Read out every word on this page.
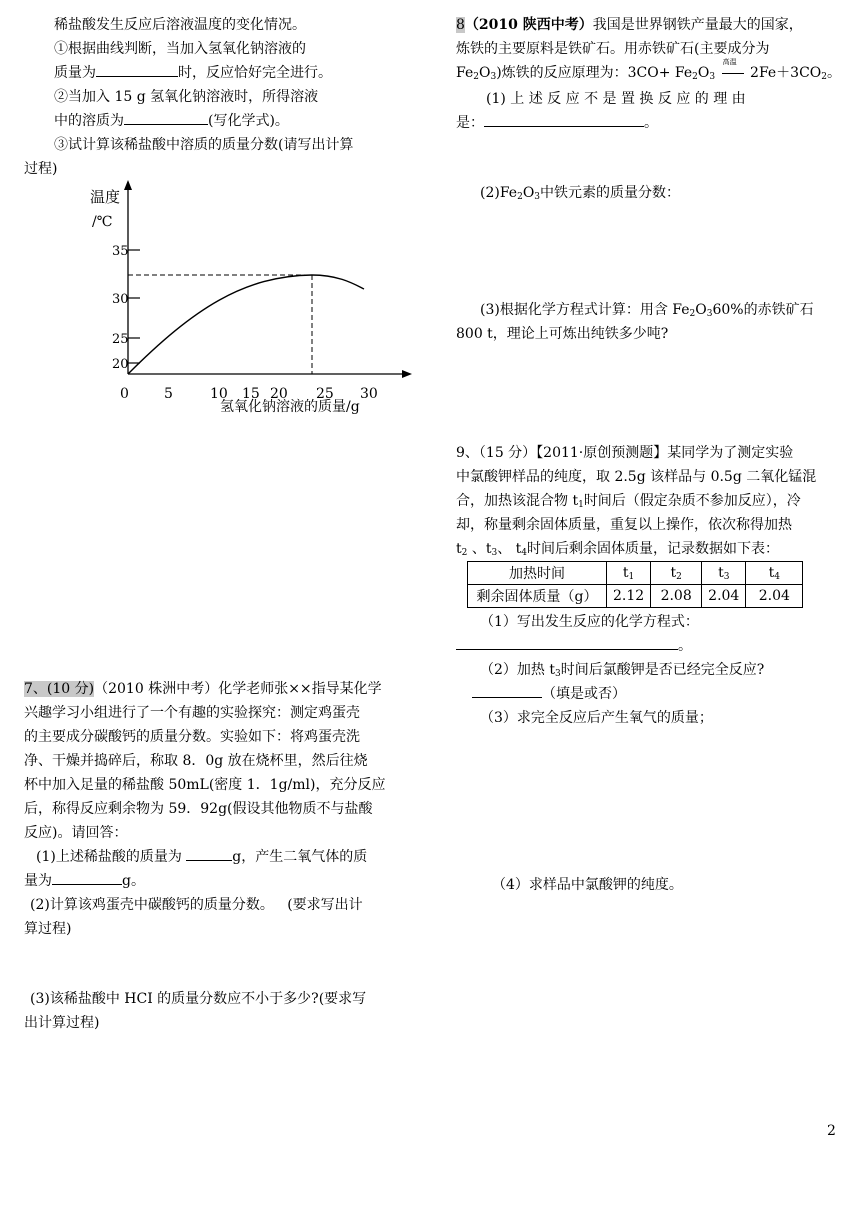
稀盐酸发生反应后溶液温度的变化情况。
①根据曲线判断，当加入氢氧化钠溶液的
质量为	时，反应恰好完全进行。
②当加入 15 g 氢氧化钠溶液时，所得溶液
中的溶质为	(写化学式)。
③试计算该稀盐酸中溶质的质量分数(请写出计算
过程)
温度
/℃
20
25
30
35
5	10 15 20 25 30
0
氢氧化钠溶液的质量/g
7、(10 分)（2010 株洲中考）化学老师张××指导某化学
兴趣学习小组进行了一个有趣的实验探究：测定鸡蛋壳
的主要成分碳酸钙的质量分数。实验如下：将鸡蛋壳洗
净、干燥并捣碎后，称取 8．0g 放在烧杯里，然后往烧
杯中加入足量的稀盐酸 50mL(密度 1．1g/ml)，充分反应
后，称得反应剩余物为 59．92g(假设其他物质不与盐酸
反应)。请回答：
(1)上述稀盐酸的质量为	g，产生二氧气体的质
量为	g。
(2)计算该鸡蛋壳中碳酸钙的质量分数。 (要求写出计
算过程)
(3)该稀盐酸中 HCI 的质量分数应不小于多少?(要求写
出计算过程)
8（2010 陕西中考）我国是世界钢铁产量最大的国家，
炼铁的主要原料是铁矿石。用赤铁矿石(主要成分为
$Fe_2O_3$)炼铁的反应原理为：$3CO+ Fe_2O_3$
高温
$2Fe+3CO_2$。
(1) 上 述 反 应 不 是 置 换 反 应 的 理 由
是：	。
$(2)Fe_2O_3$中铁元素的质量分数：
(3)根据化学方程式计算：用含 $Fe_2O_360\%$的赤铁矿石
800 t，理论上可炼出纯铁多少吨?
9、（15 分）【2011·原创预测题】某同学为了测定实验
中氯酸钾样品的纯度，取 2.5g 该样品与 0.5g 二氧化锰混
合，加热该混合物 $t_1$时间后（假定杂质不参加反应），冷
却，称量剩余固体质量，重复以上操作，依次称得加热
$t_2$ 、$t_3$、 $t_4$时间后剩余固体质量，记录数据如下表：
加热时间	$t_1$	$t_2$	$t_3$	$t_4$
剩余固体质量（g）	2.12	2.08	2.04	2.04
（1）写出发生反应的化学方程式：
。
（2）加热 $t_3$时间后氯酸钾是否已经完全反应?
（填是或否）
（3）求完全反应后产生氧气的质量；
（4）求样品中氯酸钾的纯度。
2
